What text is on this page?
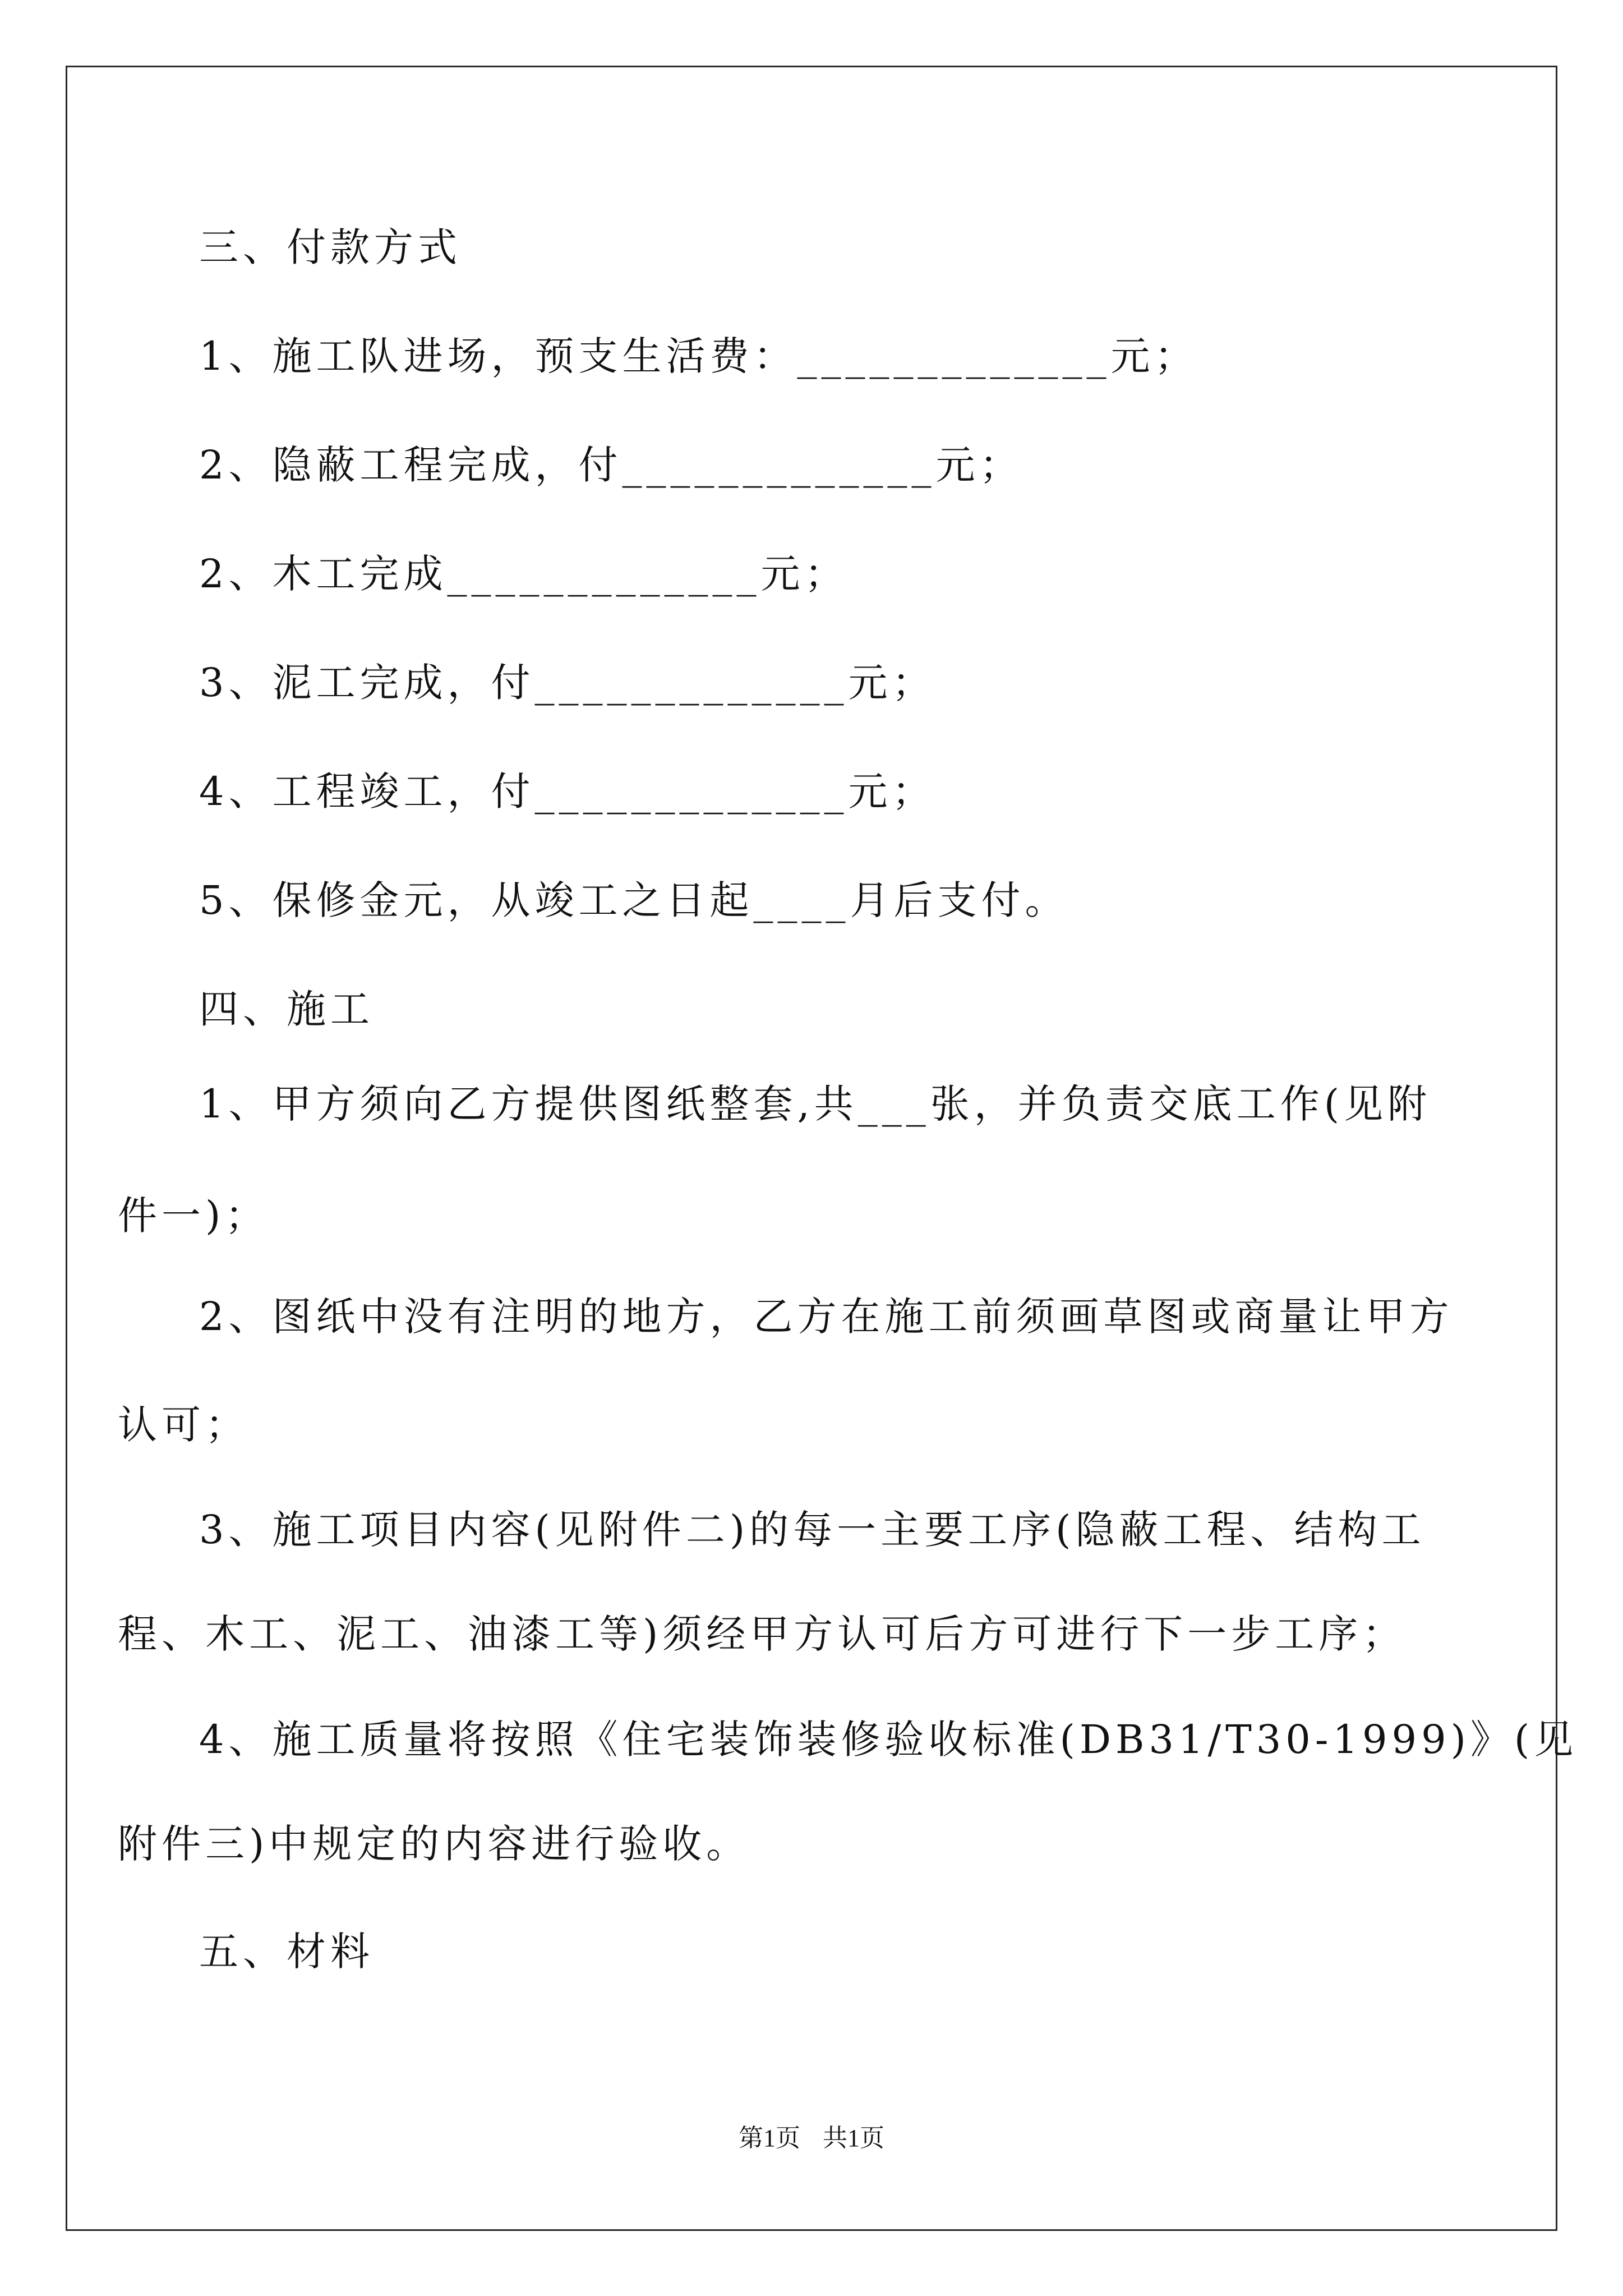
三、付款方式
1、施工队进场，预支生活费：_____________元；
2、隐蔽工程完成，付_____________元；
2、木工完成_____________元；
3、泥工完成，付_____________元；
4、工程竣工，付_____________元；
5、保修金元，从竣工之日起____月后支付。
四、施工
1、甲方须向乙方提供图纸整套,共___张，并负责交底工作(见附
件一)；
2、图纸中没有注明的地方，乙方在施工前须画草图或商量让甲方
认可；
3、施工项目内容(见附件二)的每一主要工序(隐蔽工程、结构工
程、木工、泥工、油漆工等)须经甲方认可后方可进行下一步工序；
4、施工质量将按照《住宅装饰装修验收标准(DB31/T30-1999)》(见
附件三)中规定的内容进行验收。
五、材料
第1页 共1页
